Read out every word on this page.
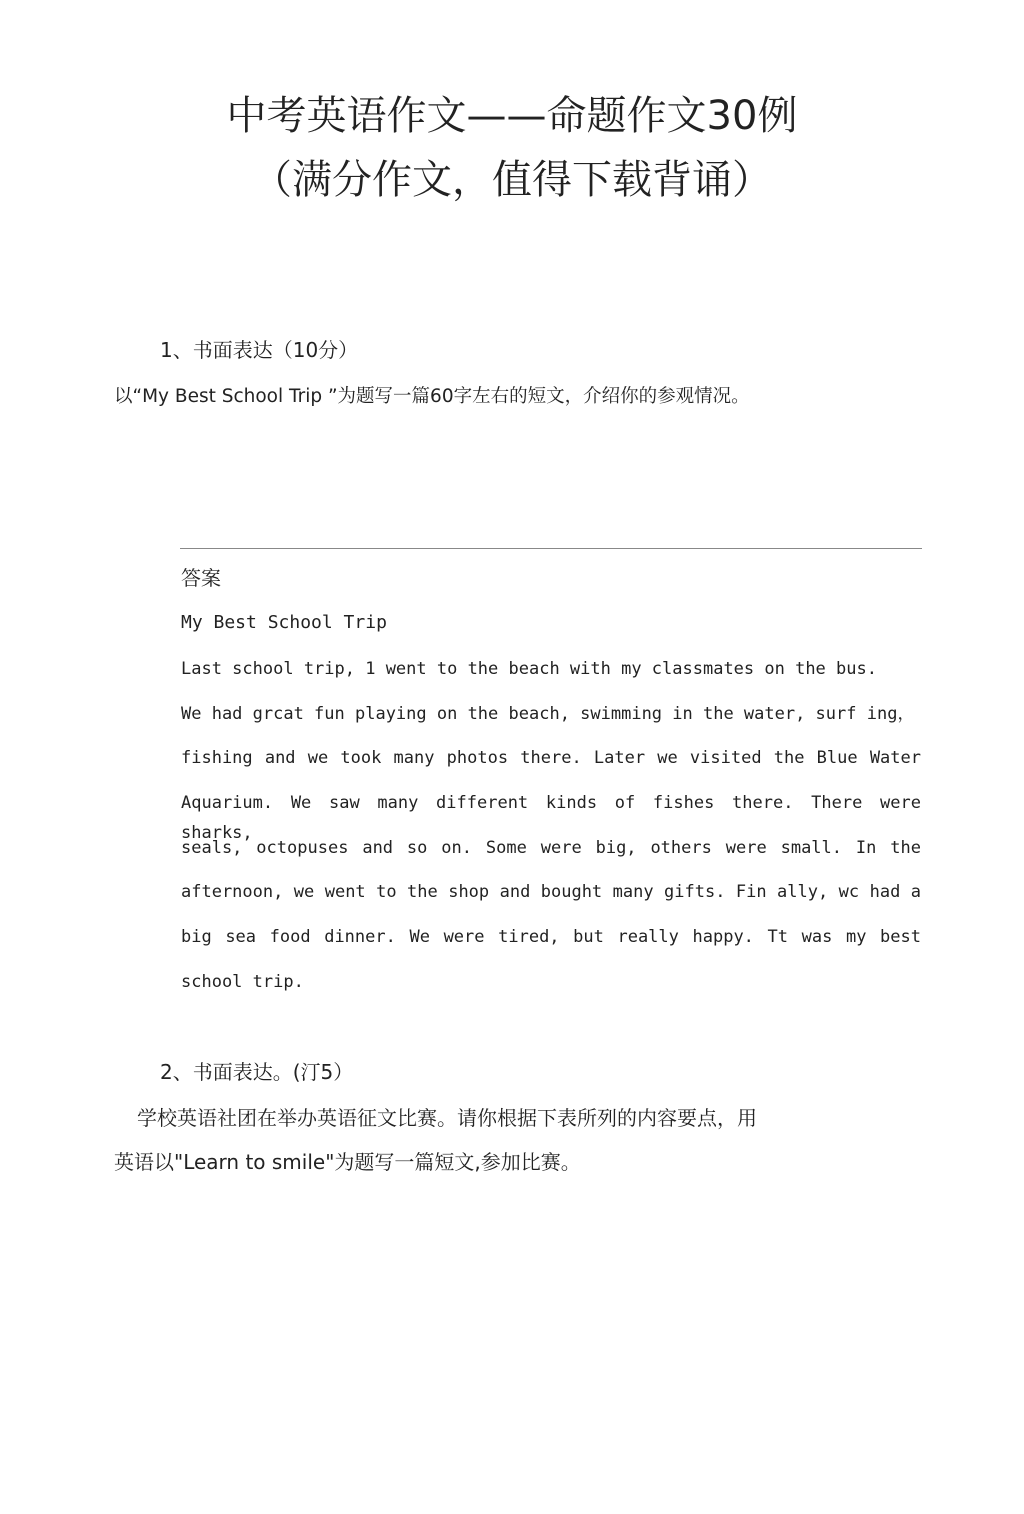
中考英语作文——命题作文30例
（满分作文，值得下载背诵）

1、书面表达（10分）

以“My Best School Trip ”为题写一篇60字左右的短文，介绍你的参观情况。

答案

My Best School Trip

Last school trip, 1 went to the beach with my classmates on the bus.
We had grcat fun playing on the beach, swimming in the water, surf ing，
fishing and we took many photos there. Later we visited the Blue Water
Aquarium. We saw many different kinds of fishes there. There were sharks,
seals, octopuses and so on. Some were big, others were small. In the
afternoon, we went to the shop and bought many gifts. Fin ally, wc had a
big sea food dinner. We were tired, but really happy. Tt was my best
school trip.

2、书面表达。(汀5）

学校英语社团在举办英语征文比赛。请你根据下表所列的内容要点，用

英语以"Learn to smile"为题写一篇短文,参加比赛。
